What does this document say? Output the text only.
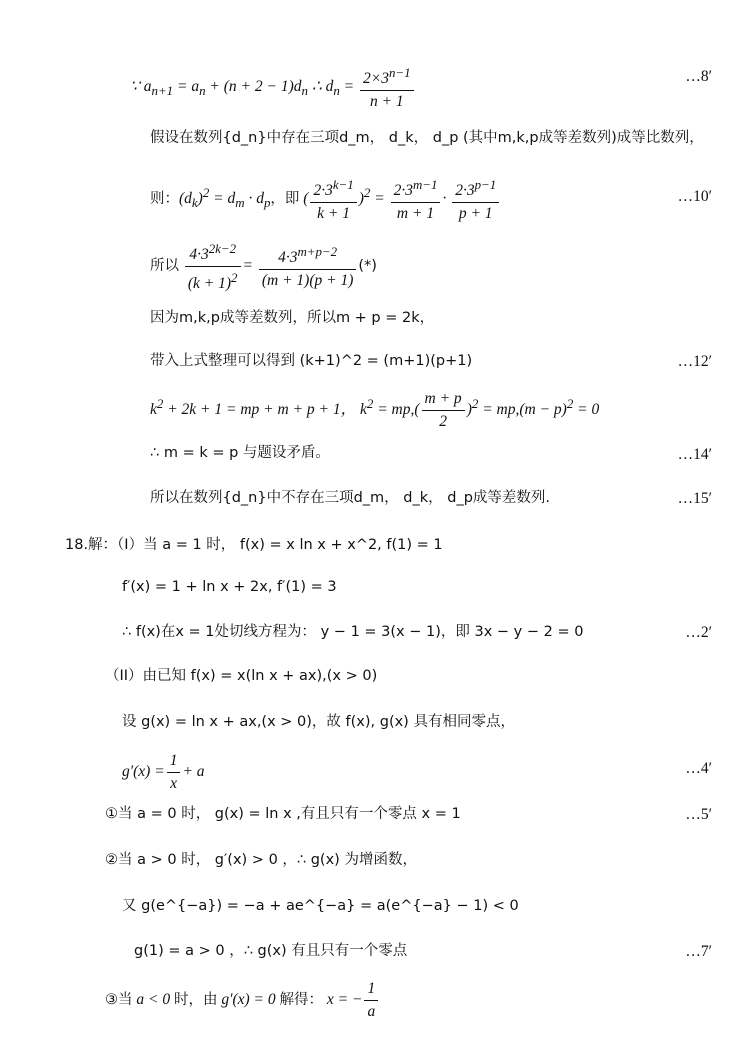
∵ $a_{n+1} = a_n + (n + 2 - 1)d_n$ ∴ $d_n = \frac{2\times 3^{n-1}}{n + 1}$	…8′
假设在数列{d_n}中存在三项d_m， d_k， d_p (其中m,k,p成等差数列)成等比数列，
则：$(d_k)^2 = d_m \cdot d_p$，即 ( $\frac{2\cdot 3^{k-1}}{k + 1} )^2 = \frac{2\cdot 3^{m-1}}{m + 1} \cdot \frac{2\cdot 3^{p-1}}{p + 1}$	…10′
所以 $\frac{4\cdot 3^{2k-2}}{(k + 1)^2} = \frac{4\cdot 3^{m+p-2}}{(m + 1)(p + 1)}$ (*)
因为m,k,p成等差数列，所以m + p = 2k，
带入上式整理可以得到 (k+1)^2 = (m+1)(p+1)	…12′
$k^2 + 2k + 1$ = mp + m + p + 1， $k^2 = mp,( \frac{m + p}{2} )^2 = mp,(m - p)^2 = 0$
∴ m = k = p 与题设矛盾。	…14′
所以在数列{d_n}中不存在三项d_m， d_k， d_p成等差数列.	…15′
18.解：（I）当 a = 1 时， f(x) = x ln x + x^2, f(1) = 1
f′(x) = 1 + ln x + 2x, f′(1) = 3
∴ f(x)在x = 1处切线方程为： y − 1 = 3(x − 1)，即 3x − y − 2 = 0	…2′
（II）由已知 f(x) = x(ln x + ax),(x > 0)
设 g(x) = ln x + ax,(x > 0)，故 f(x), g(x) 具有相同零点，
$g'(x) = \frac{1}{x} + a$	…4′
①当 a = 0 时， g(x) = ln x ,有且只有一个零点 x = 1	…5′
②当 a > 0 时， g′(x) > 0 ，∴ g(x) 为增函数，
又 g(e^{−a}) = −a + ae^{−a} = a(e^{−a} − 1) < 0
g(1) = a > 0 ，∴ g(x) 有且只有一个零点	…7′
③当 a < 0 时，由 g′(x) = 0 解得： x = − $\frac{1}{a}$
